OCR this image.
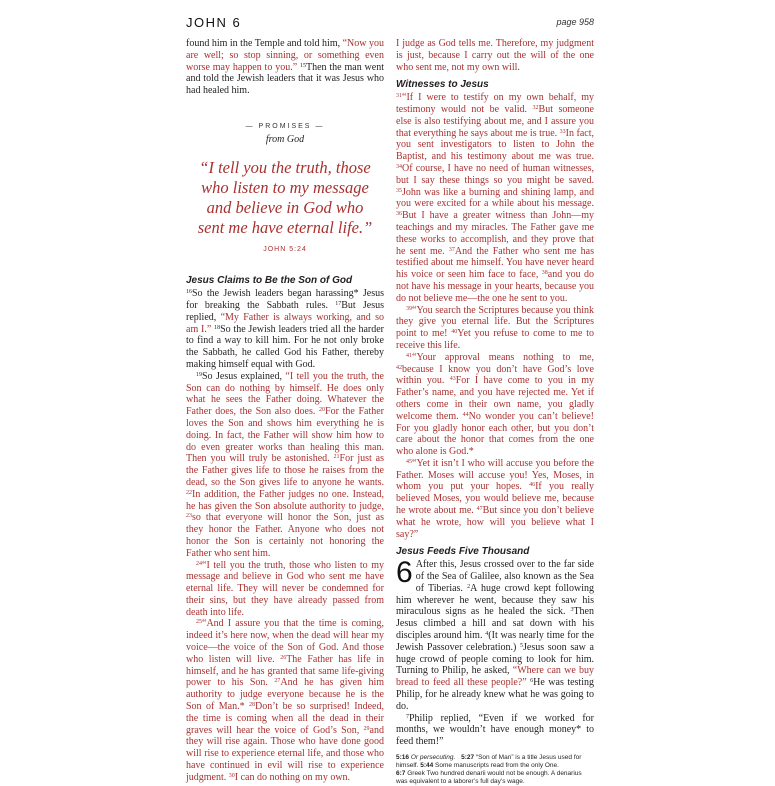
JOHN 6	page 958

found him in the Temple and told him, “Now you are well; so stop sinning, or something even worse may happen to you.” $^{15}$Then the man went and told the Jewish leaders that it was Jesus who had healed him.

— PROMISES —
from God
“I tell you the truth, those who listen to my message and believe in God who sent me have eternal life.”
JOHN 5:24
Jesus Claims to Be the Son of God

$^{16}$So the Jewish leaders began harassing* Jesus for breaking the Sabbath rules. $^{17}$But Jesus replied, “My Father is always working, and so am I.” $^{18}$So the Jewish leaders tried all the harder to find a way to kill him. For he not only broke the Sabbath, he called God his Father, thereby making himself equal with God.

$^{19}$So Jesus explained, “I tell you the truth, the Son can do nothing by himself. He does only what he sees the Father doing. Whatever the Father does, the Son also does. $^{20}$For the Father loves the Son and shows him everything he is doing. In fact, the Father will show him how to do even greater works than healing this man. Then you will truly be astonished. $^{21}$For just as the Father gives life to those he raises from the dead, so the Son gives life to anyone he wants. $^{22}$In addition, the Father judges no one. Instead, he has given the Son absolute authority to judge, $^{23}$so that everyone will honor the Son, just as they honor the Father. Anyone who does not honor the Son is certainly not honoring the Father who sent him.

$^{24}$“I tell you the truth, those who listen to my message and believe in God who sent me have eternal life. They will never be condemned for their sins, but they have already passed from death into life.

$^{25}$“And I assure you that the time is coming, indeed it’s here now, when the dead will hear my voice—the voice of the Son of God. And those who listen will live. $^{26}$The Father has life in himself, and he has granted that same life-giving power to his Son. $^{27}$And he has given him authority to judge everyone because he is the Son of Man.* $^{28}$Don’t be so surprised! Indeed, the time is coming when all the dead in their graves will hear the voice of God’s Son, $^{29}$and they will rise again. Those who have done good will rise to experience eternal life, and those who have continued in evil will rise to experience judgment. $^{30}$I can do nothing on my own.

I judge as God tells me. Therefore, my judgment is just, because I carry out the will of the one who sent me, not my own will.

Witnesses to Jesus

$^{31}$“If I were to testify on my own behalf, my testimony would not be valid. $^{32}$But someone else is also testifying about me, and I assure you that everything he says about me is true. $^{33}$In fact, you sent investigators to listen to John the Baptist, and his testimony about me was true. $^{34}$Of course, I have no need of human witnesses, but I say these things so you might be saved. $^{35}$John was like a burning and shining lamp, and you were excited for a while about his message. $^{36}$But I have a greater witness than John—my teachings and my miracles. The Father gave me these works to accomplish, and they prove that he sent me. $^{37}$And the Father who sent me has testified about me himself. You have never heard his voice or seen him face to face, $^{38}$and you do not have his message in your hearts, because you do not believe me—the one he sent to you.

$^{39}$“You search the Scriptures because you think they give you eternal life. But the Scriptures point to me! $^{40}$Yet you refuse to come to me to receive this life.

$^{41}$“Your approval means nothing to me, $^{42}$because I know you don’t have God’s love within you. $^{43}$For I have come to you in my Father’s name, and you have rejected me. Yet if others come in their own name, you gladly welcome them. $^{44}$No wonder you can’t believe! For you gladly honor each other, but you don’t care about the honor that comes from the one who alone is God.*

$^{45}$“Yet it isn’t I who will accuse you before the Father. Moses will accuse you! Yes, Moses, in whom you put your hopes. $^{46}$If you really believed Moses, you would believe me, because he wrote about me. $^{47}$But since you don’t believe what he wrote, how will you believe what I say?”

Jesus Feeds Five Thousand

6 After this, Jesus crossed over to the far side of the Sea of Galilee, also known as the Sea of Tiberias. $^2$A huge crowd kept following him wherever he went, because they saw his miraculous signs as he healed the sick. $^3$Then Jesus climbed a hill and sat down with his disciples around him. $^4$(It was nearly time for the Jewish Passover celebration.) $^5$Jesus soon saw a huge crowd of people coming to look for him. Turning to Philip, he asked, “Where can we buy bread to feed all these people?” $^6$He was testing Philip, for he already knew what he was going to do.

$^7$Philip replied, “Even if we worked for months, we wouldn’t have enough money* to feed them!”

5:16 Or persecuting. 5:27 “Son of Man” is a title Jesus used for himself. 5:44 Some manuscripts read from the only One.
6:7 Greek Two hundred denarii would not be enough. A denarius was equivalent to a laborer’s full day’s wage.
